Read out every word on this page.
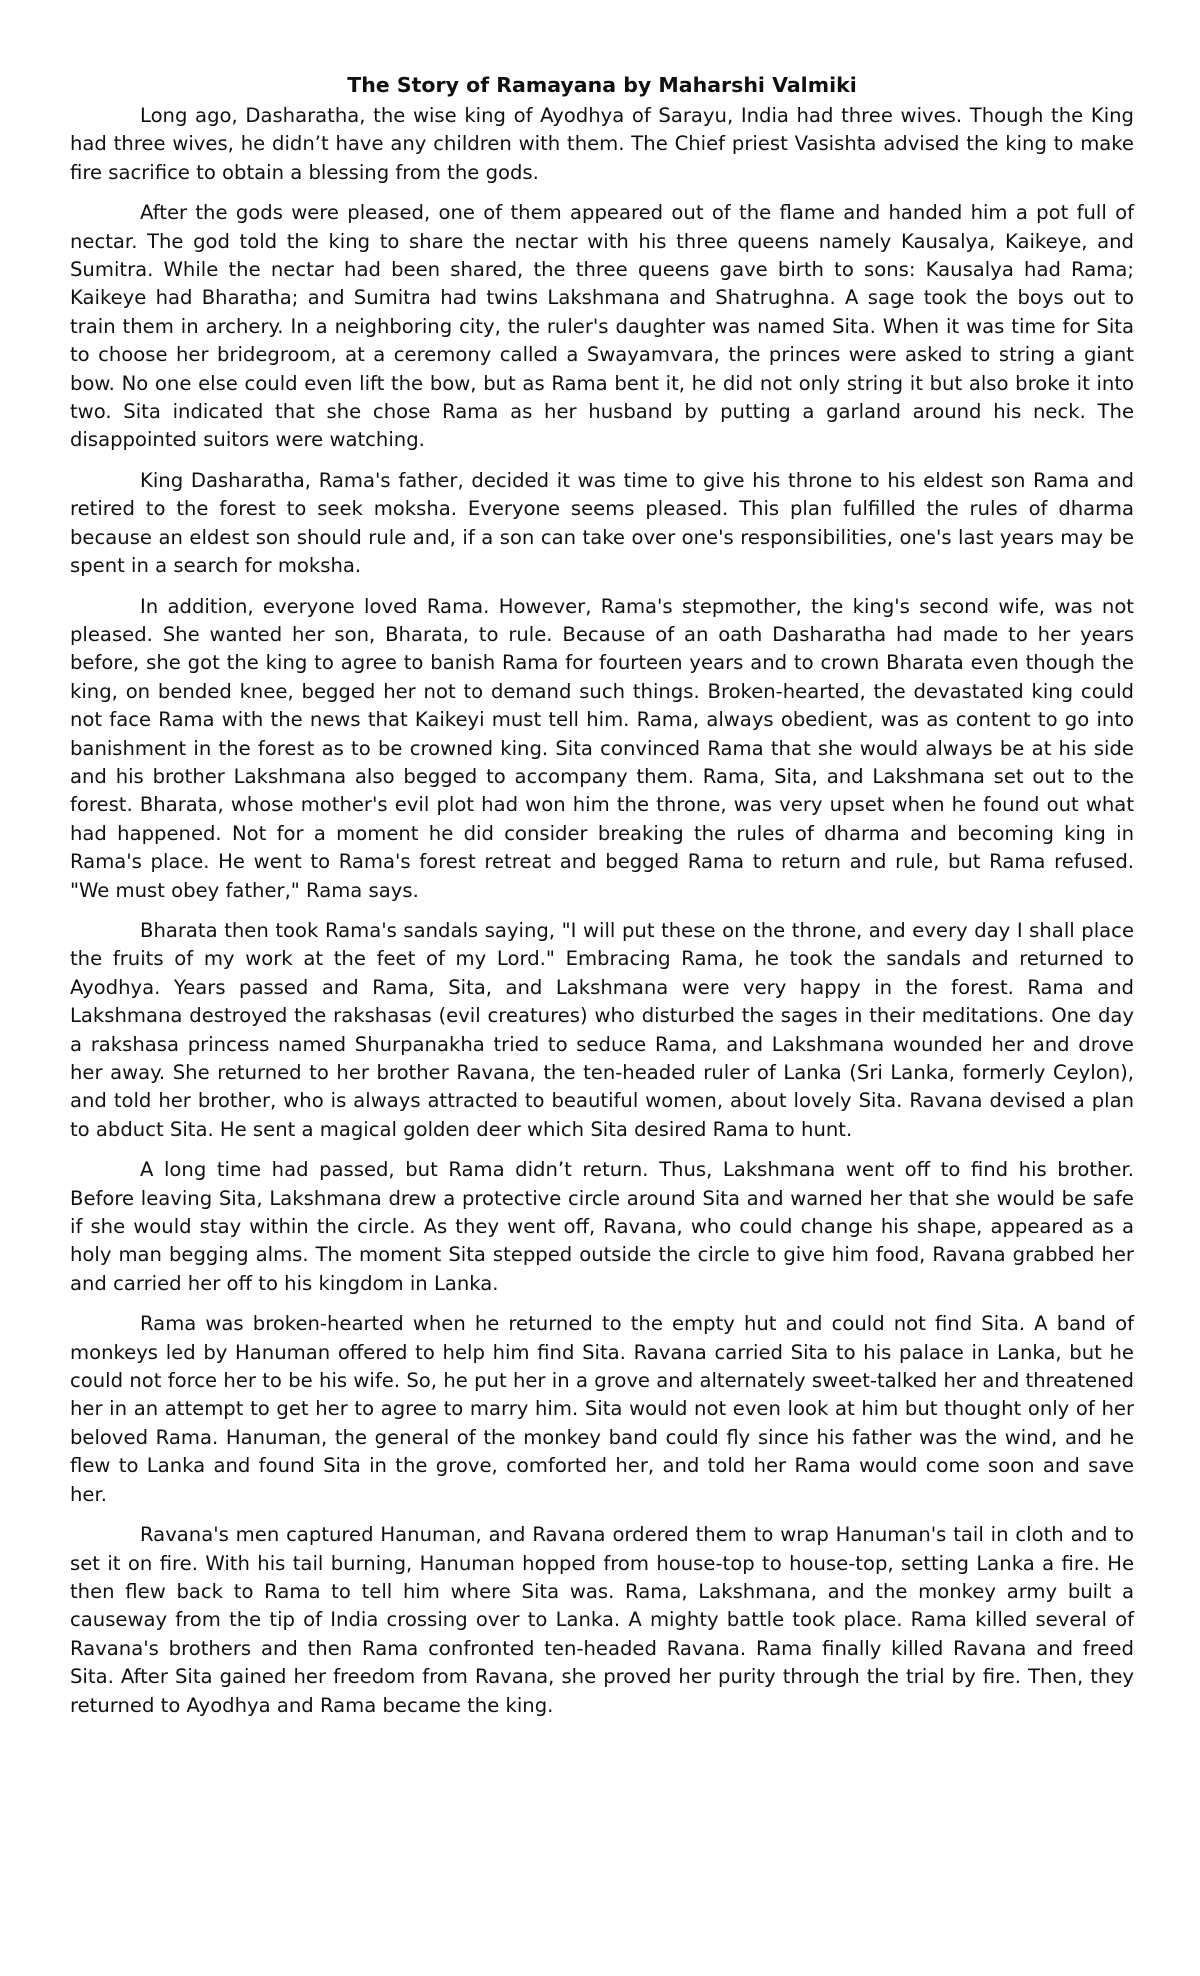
The Story of Ramayana by Maharshi Valmiki

Long ago, Dasharatha, the wise king of Ayodhya of Sarayu, India had three wives. Though the King had three wives, he didn’t have any children with them. The Chief priest Vasishta advised the king to make fire sacrifice to obtain a blessing from the gods.

After the gods were pleased, one of them appeared out of the flame and handed him a pot full of nectar. The god told the king to share the nectar with his three queens namely Kausalya, Kaikeye, and Sumitra. While the nectar had been shared, the three queens gave birth to sons: Kausalya had Rama; Kaikeye had Bharatha; and Sumitra had twins Lakshmana and Shatrughna. A sage took the boys out to train them in archery. In a neighboring city, the ruler's daughter was named Sita. When it was time for Sita to choose her bridegroom, at a ceremony called a Swayamvara, the princes were asked to string a giant bow. No one else could even lift the bow, but as Rama bent it, he did not only string it but also broke it into two. Sita indicated that she chose Rama as her husband by putting a garland around his neck. The disappointed suitors were watching.

King Dasharatha, Rama's father, decided it was time to give his throne to his eldest son Rama and retired to the forest to seek moksha. Everyone seems pleased. This plan fulfilled the rules of dharma because an eldest son should rule and, if a son can take over one's responsibilities, one's last years may be spent in a search for moksha.

In addition, everyone loved Rama. However, Rama's stepmother, the king's second wife, was not pleased. She wanted her son, Bharata, to rule. Because of an oath Dasharatha had made to her years before, she got the king to agree to banish Rama for fourteen years and to crown Bharata even though the king, on bended knee, begged her not to demand such things. Broken-hearted, the devastated king could not face Rama with the news that Kaikeyi must tell him. Rama, always obedient, was as content to go into banishment in the forest as to be crowned king. Sita convinced Rama that she would always be at his side and his brother Lakshmana also begged to accompany them. Rama, Sita, and Lakshmana set out to the forest. Bharata, whose mother's evil plot had won him the throne, was very upset when he found out what had happened. Not for a moment he did consider breaking the rules of dharma and becoming king in Rama's place. He went to Rama's forest retreat and begged Rama to return and rule, but Rama refused. "We must obey father," Rama says.

Bharata then took Rama's sandals saying, "I will put these on the throne, and every day I shall place the fruits of my work at the feet of my Lord." Embracing Rama, he took the sandals and returned to Ayodhya. Years passed and Rama, Sita, and Lakshmana were very happy in the forest. Rama and Lakshmana destroyed the rakshasas (evil creatures) who disturbed the sages in their meditations. One day a rakshasa princess named Shurpanakha tried to seduce Rama, and Lakshmana wounded her and drove her away. She returned to her brother Ravana, the ten-headed ruler of Lanka (Sri Lanka, formerly Ceylon), and told her brother, who is always attracted to beautiful women, about lovely Sita. Ravana devised a plan to abduct Sita. He sent a magical golden deer which Sita desired Rama to hunt.

A long time had passed, but Rama didn’t return. Thus, Lakshmana went off to find his brother. Before leaving Sita, Lakshmana drew a protective circle around Sita and warned her that she would be safe if she would stay within the circle. As they went off, Ravana, who could change his shape, appeared as a holy man begging alms. The moment Sita stepped outside the circle to give him food, Ravana grabbed her and carried her off to his kingdom in Lanka.

Rama was broken-hearted when he returned to the empty hut and could not find Sita. A band of monkeys led by Hanuman offered to help him find Sita. Ravana carried Sita to his palace in Lanka, but he could not force her to be his wife. So, he put her in a grove and alternately sweet-talked her and threatened her in an attempt to get her to agree to marry him. Sita would not even look at him but thought only of her beloved Rama. Hanuman, the general of the monkey band could fly since his father was the wind, and he flew to Lanka and found Sita in the grove, comforted her, and told her Rama would come soon and save her.

Ravana's men captured Hanuman, and Ravana ordered them to wrap Hanuman's tail in cloth and to set it on fire. With his tail burning, Hanuman hopped from house-top to house-top, setting Lanka a fire. He then flew back to Rama to tell him where Sita was. Rama, Lakshmana, and the monkey army built a causeway from the tip of India crossing over to Lanka. A mighty battle took place. Rama killed several of Ravana's brothers and then Rama confronted ten-headed Ravana. Rama finally killed Ravana and freed Sita. After Sita gained her freedom from Ravana, she proved her purity through the trial by fire. Then, they returned to Ayodhya and Rama became the king.
